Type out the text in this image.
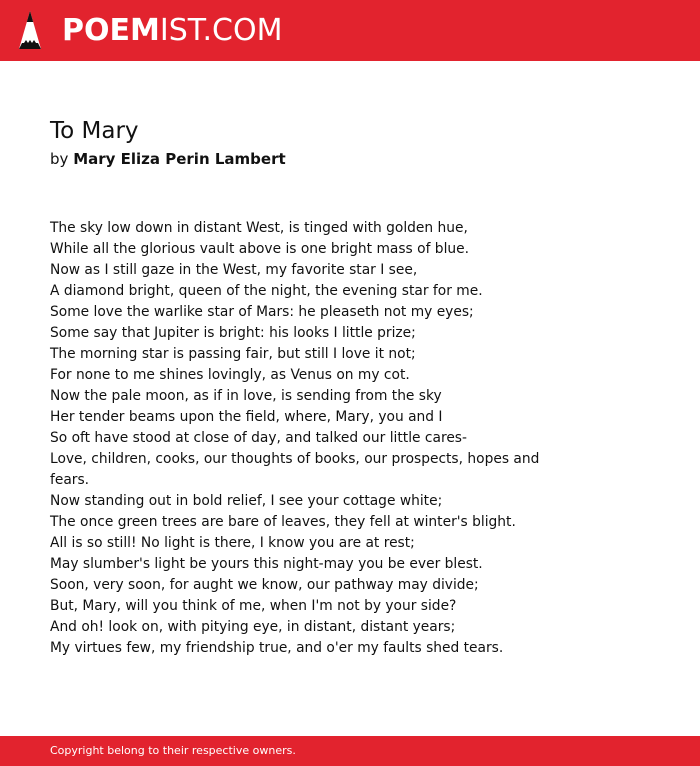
POEMIST.COM
To Mary
by Mary Eliza Perin Lambert
The sky low down in distant West, is tinged with golden hue,
While all the glorious vault above is one bright mass of blue.
Now as I still gaze in the West, my favorite star I see,
A diamond bright, queen of the night, the evening star for me.
Some love the warlike star of Mars: he pleaseth not my eyes;
Some say that Jupiter is bright: his looks I little prize;
The morning star is passing fair, but still I love it not;
For none to me shines lovingly, as Venus on my cot.
Now the pale moon, as if in love, is sending from the sky
Her tender beams upon the field, where, Mary, you and I
So oft have stood at close of day, and talked our little cares-
Love, children, cooks, our thoughts of books, our prospects, hopes and
fears.
Now standing out in bold relief, I see your cottage white;
The once green trees are bare of leaves, they fell at winter's blight.
All is so still! No light is there, I know you are at rest;
May slumber's light be yours this night-may you be ever blest.
Soon, very soon, for aught we know, our pathway may divide;
But, Mary, will you think of me, when I'm not by your side?
And oh! look on, with pitying eye, in distant, distant years;
My virtues few, my friendship true, and o'er my faults shed tears.
Copyright belong to their respective owners.
